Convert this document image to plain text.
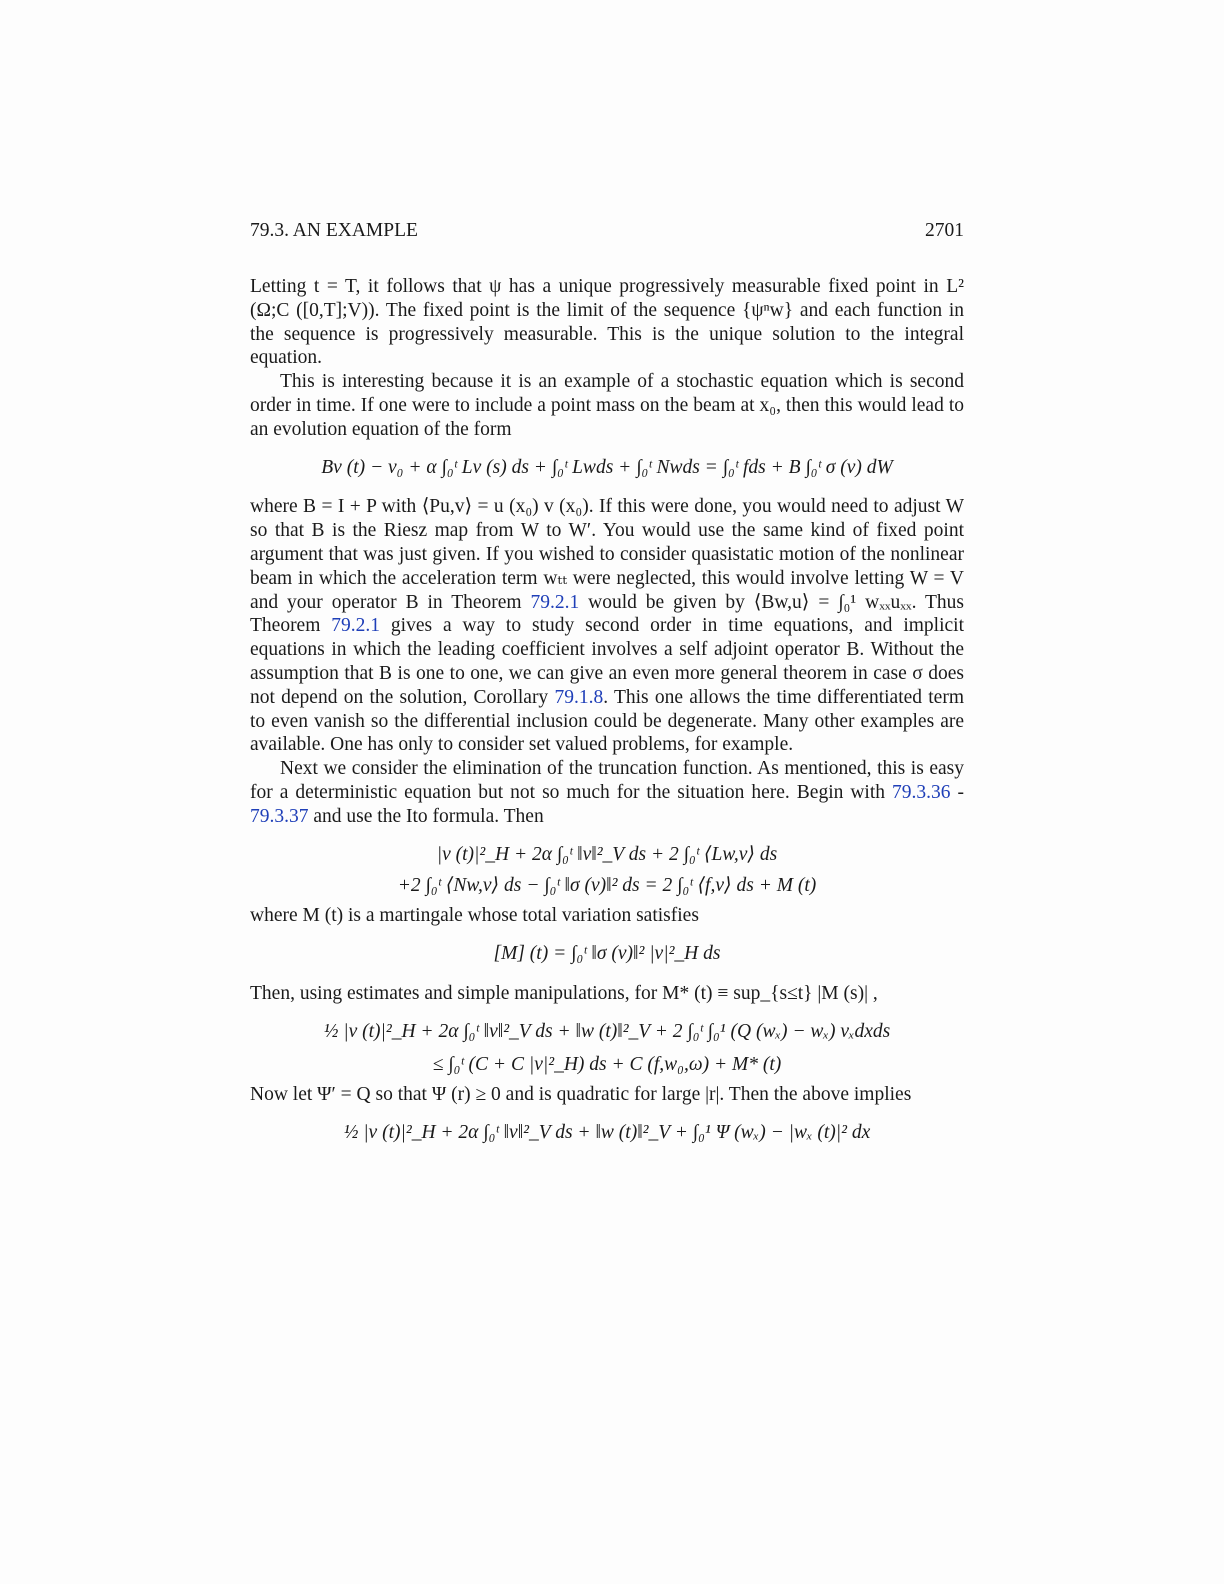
79.3. AN EXAMPLE	2701

Letting t = T, it follows that ψ has a unique progressively measurable fixed point in L² (Ω;C ([0,T];V)). The fixed point is the limit of the sequence {ψⁿw} and each function in the sequence is progressively measurable. This is the unique solution to the integral equation.

This is interesting because it is an example of a stochastic equation which is second order in time. If one were to include a point mass on the beam at x₀, then this would lead to an evolution equation of the form

Bv (t) − v₀ + α ∫₀ᵗ Lv (s) ds + ∫₀ᵗ Lwds + ∫₀ᵗ Nwds = ∫₀ᵗ fds + B ∫₀ᵗ σ (v) dW

where B = I + P with ⟨Pu,v⟩ = u (x₀) v (x₀). If this were done, you would need to adjust W so that B is the Riesz map from W to W′. You would use the same kind of fixed point argument that was just given. If you wished to consider quasistatic motion of the nonlinear beam in which the acceleration term wₜₜ were neglected, this would involve letting W = V and your operator B in Theorem 79.2.1 would be given by ⟨Bw,u⟩ = ∫₀¹ wₓₓuₓₓ. Thus Theorem 79.2.1 gives a way to study second order in time equations, and implicit equations in which the leading coefficient involves a self adjoint operator B. Without the assumption that B is one to one, we can give an even more general theorem in case σ does not depend on the solution, Corollary 79.1.8. This one allows the time differentiated term to even vanish so the differential inclusion could be degenerate. Many other examples are available. One has only to consider set valued problems, for example.

Next we consider the elimination of the truncation function. As mentioned, this is easy for a deterministic equation but not so much for the situation here. Begin with 79.3.36 - 79.3.37 and use the Ito formula. Then

|v (t)|²_H + 2α ∫₀ᵗ ‖v‖²_V ds + 2 ∫₀ᵗ ⟨Lw,v⟩ ds
+2 ∫₀ᵗ ⟨Nw,v⟩ ds − ∫₀ᵗ ‖σ (v)‖² ds = 2 ∫₀ᵗ ⟨f,v⟩ ds + M (t)

where M (t) is a martingale whose total variation satisfies

[M] (t) = ∫₀ᵗ ‖σ (v)‖² |v|²_H ds

Then, using estimates and simple manipulations, for M* (t) ≡ sup_{s≤t} |M (s)| ,

½ |v (t)|²_H + 2α ∫₀ᵗ ‖v‖²_V ds + ‖w (t)‖²_V + 2 ∫₀ᵗ ∫₀¹ (Q (wₓ) − wₓ) vₓdxds
≤ ∫₀ᵗ (C + C |v|²_H) ds + C (f,w₀,ω) + M* (t)

Now let Ψ′ = Q so that Ψ (r) ≥ 0 and is quadratic for large |r|. Then the above implies

½ |v (t)|²_H + 2α ∫₀ᵗ ‖v‖²_V ds + ‖w (t)‖²_V + ∫₀¹ Ψ (wₓ) − |wₓ (t)|² dx
